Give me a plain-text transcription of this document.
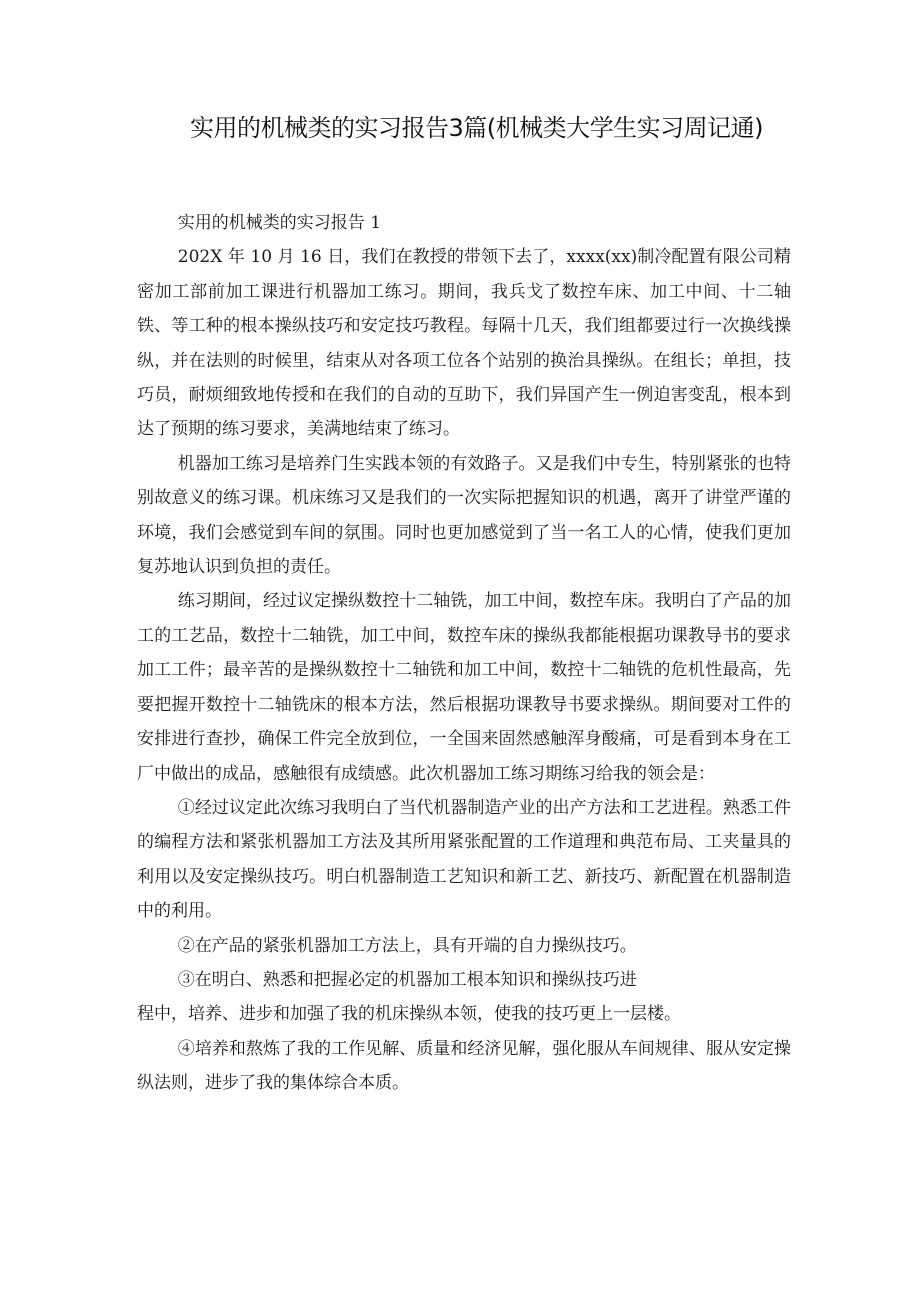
实用的机械类的实习报告3篇(机械类大学生实习周记通)

实用的机械类的实习报告 1

202X 年 10 月 16 日，我们在教授的带领下去了，xxxx(xx)制冷配置有限公司精密加工部前加工课进行机器加工练习。期间，我兵戈了数控车床、加工中间、十二轴铁、等工种的根本操纵技巧和安定技巧教程。每隔十几天，我们组都要过行一次换线操纵，并在法则的时候里，结束从对各项工位各个站别的换治具操纵。在组长；单担，技巧员，耐烦细致地传授和在我们的自动的互助下，我们异国产生一例迫害变乱，根本到达了预期的练习要求，美满地结束了练习。

机器加工练习是培养门生实践本领的有效路子。又是我们中专生，特别紧张的也特别故意义的练习课。机床练习又是我们的一次实际把握知识的机遇，离开了讲堂严谨的环境，我们会感觉到车间的氛围。同时也更加感觉到了当一名工人的心情，使我们更加复苏地认识到负担的责任。

练习期间，经过议定操纵数控十二轴铣，加工中间，数控车床。我明白了产品的加工的工艺品，数控十二轴铣，加工中间，数控车床的操纵我都能根据功课教导书的要求加工工件；最辛苦的是操纵数控十二轴铣和加工中间，数控十二轴铣的危机性最高，先要把握开数控十二轴铣床的根本方法，然后根据功课教导书要求操纵。期间要对工件的安排进行查抄，确保工件完全放到位，一全国来固然感触浑身酸痛，可是看到本身在工厂中做出的成品，感触很有成绩感。此次机器加工练习期练习给我的领会是：

①经过议定此次练习我明白了当代机器制造产业的出产方法和工艺进程。熟悉工件的编程方法和紧张机器加工方法及其所用紧张配置的工作道理和典范布局、工夹量具的利用以及安定操纵技巧。明白机器制造工艺知识和新工艺、新技巧、新配置在机器制造中的利用。

②在产品的紧张机器加工方法上，具有开端的自力操纵技巧。

③在明白、熟悉和把握必定的机器加工根本知识和操纵技巧进

程中，培养、进步和加强了我的机床操纵本领，使我的技巧更上一层楼。

④培养和熬炼了我的工作见解、质量和经济见解，强化服从车间规律、服从安定操纵法则，进步了我的集体综合本质。
